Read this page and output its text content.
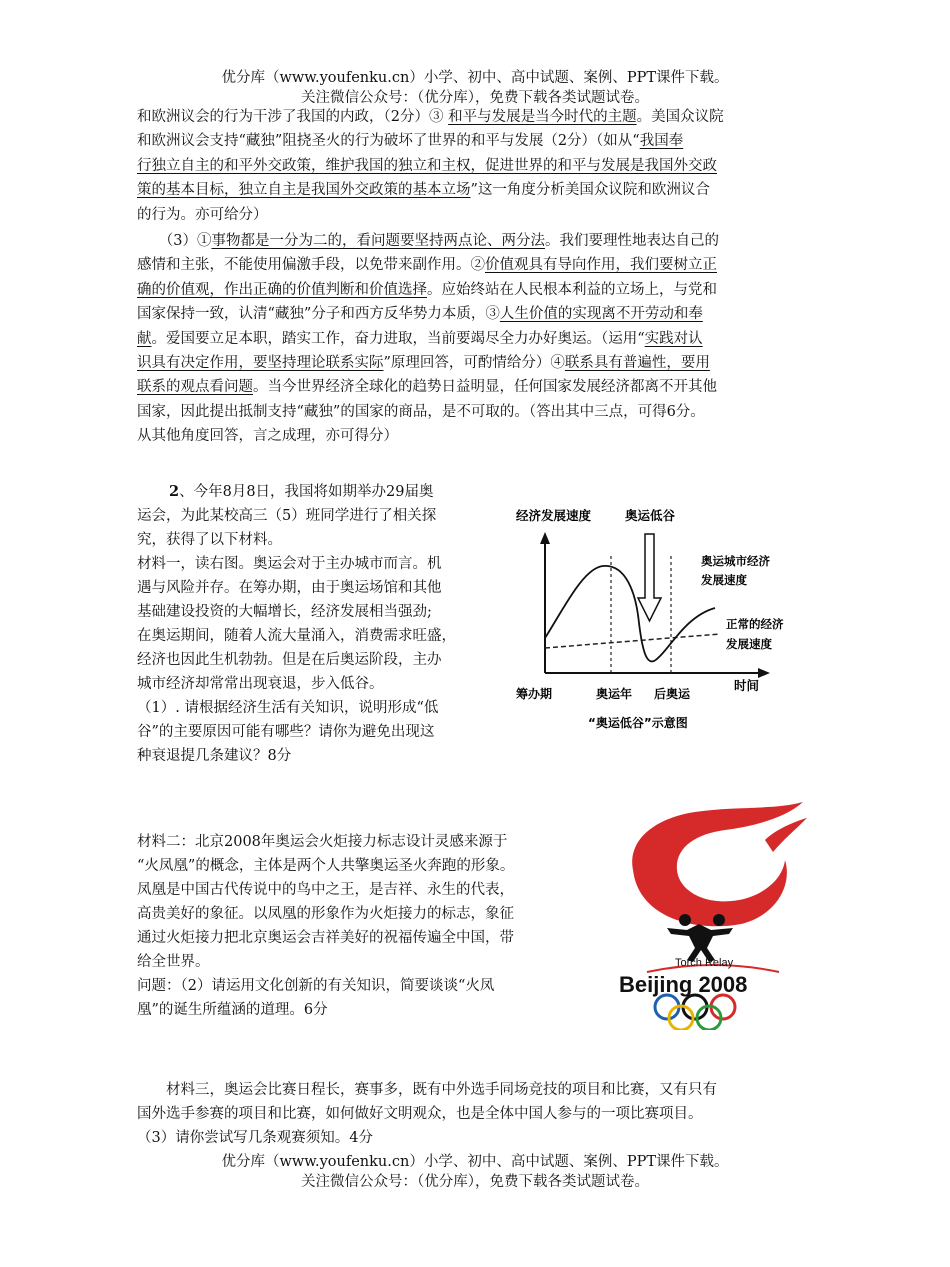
优分库（www.youfenku.cn）小学、初中、高中试题、案例、PPT课件下载。
关注微信公众号：（优分库），免费下载各类试题试卷。
和欧洲议会的行为干涉了我国的内政，（2分）③ 和平与发展是当今时代的主题。美国众议院
和欧洲议会支持“藏独”阻挠圣火的行为破坏了世界的和平与发展（2分）（如从“我国奉
行独立自主的和平外交政策，维护我国的独立和主权，促进世界的和平与发展是我国外交政
策的基本目标，独立自主是我国外交政策的基本立场”这一角度分析美国众议院和欧洲议合
的行为。亦可给分）
　　（3）①事物都是一分为二的，看问题要坚持两点论、两分法。我们要理性地表达自己的
感情和主张，不能使用偏激手段，以免带来副作用。②价值观具有导向作用，我们要树立正
确的价值观，作出正确的价值判断和价值选择。应始终站在人民根本利益的立场上，与党和
国家保持一致，认清“藏独”分子和西方反华势力本质，③人生价值的实现离不开劳动和奉
献。爱国要立足本职，踏实工作，奋力进取，当前要竭尽全力办好奥运。（运用“实践对认
识具有决定作用，要坚持理论联系实际”原理回答，可酌情给分）④联系具有普遍性，要用
联系的观点看问题。当今世界经济全球化的趋势日益明显，任何国家发展经济都离不开其他
国家，因此提出抵制支持“藏独”的国家的商品，是不可取的。（答出其中三点，可得6分。
从其他角度回答，言之成理，亦可得分）
2、今年8月8日，我国将如期举办29届奥
运会，为此某校高三（5）班同学进行了相关探
究，获得了以下材料。
材料一，读右图。奥运会对于主办城市而言。机
遇与风险并存。在筹办期，由于奥运场馆和其他
基础建设投资的大幅增长，经济发展相当强劲;
在奥运期间，随着人流大量涌入，消费需求旺盛，
经济也因此生机勃勃。但是在后奥运阶段，主办
城市经济却常常出现衰退，步入低谷。
（1）. 请根据经济生活有关知识，说明形成“低
谷”的主要原因可能有哪些？请你为避免出现这
种衰退提几条建议？8分
经济发展速度	奥运低谷
奥运城市经济
发展速度
正常的经济
发展速度
时间
筹办期	奥运年 后奥运
“奥运低谷”示意图
材料二：北京2008年奥运会火炬接力标志设计灵感来源于
“火凤凰”的概念，主体是两个人共擎奥运圣火奔跑的形象。
凤凰是中国古代传说中的鸟中之王，是吉祥、永生的代表，
高贵美好的象征。以凤凰的形象作为火炬接力的标志，象征
通过火炬接力把北京奥运会吉祥美好的祝福传遍全中国，带
给全世界。
问题：（2）请运用文化创新的有关知识，简要谈谈“火凤
凰”的诞生所蕴涵的道理。6分
Torch Relay
Beijing 2008
　　材料三，奥运会比赛日程长，赛事多，既有中外选手同场竞技的项目和比赛，又有只有
国外选手参赛的项目和比赛，如何做好文明观众，也是全体中国人参与的一项比赛项目。
（3）请你尝试写几条观赛须知。4分
优分库（www.youfenku.cn）小学、初中、高中试题、案例、PPT课件下载。
关注微信公众号：（优分库），免费下载各类试题试卷。
